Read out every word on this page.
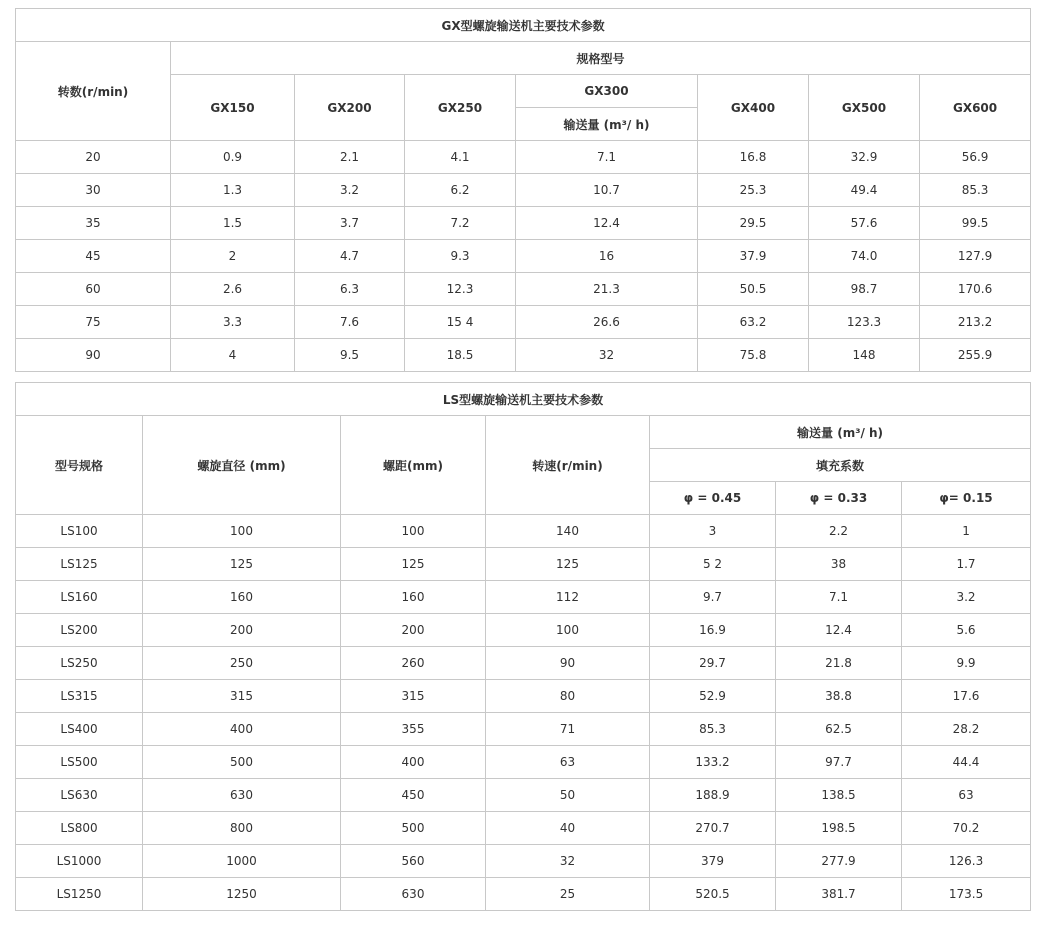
GX型螺旋输送机主要技术参数							
转数(r/min)	规格型号						
	GX150	GX200	GX250	GX300	GX400	GX500	GX600
				输送量 (m³/ h)			
20	0.9	2.1	4.1	7.1	16.8	32.9	56.9
30	1.3	3.2	6.2	10.7	25.3	49.4	85.3
35	1.5	3.7	7.2	12.4	29.5	57.6	99.5
45	2	4.7	9.3	16	37.9	74.0	127.9
60	2.6	6.3	12.3	21.3	50.5	98.7	170.6
75	3.3	7.6	15 4	26.6	63.2	123.3	213.2
90	4	9.5	18.5	32	75.8	148	255.9
LS型螺旋输送机主要技术参数						
型号规格	螺旋直径 (mm)	螺距(mm)	转速(r/min)	输送量 (m³/ h)		
				填充系数		
				φ = 0.45	φ = 0.33	φ= 0.15
LS100	100	100	140	3	2.2	1
LS125	125	125	125	5 2	38	1.7
LS160	160	160	112	9.7	7.1	3.2
LS200	200	200	100	16.9	12.4	5.6
LS250	250	260	90	29.7	21.8	9.9
LS315	315	315	80	52.9	38.8	17.6
LS400	400	355	71	85.3	62.5	28.2
LS500	500	400	63	133.2	97.7	44.4
LS630	630	450	50	188.9	138.5	63
LS800	800	500	40	270.7	198.5	70.2
LS1000	1000	560	32	379	277.9	126.3
LS1250	1250	630	25	520.5	381.7	173.5
